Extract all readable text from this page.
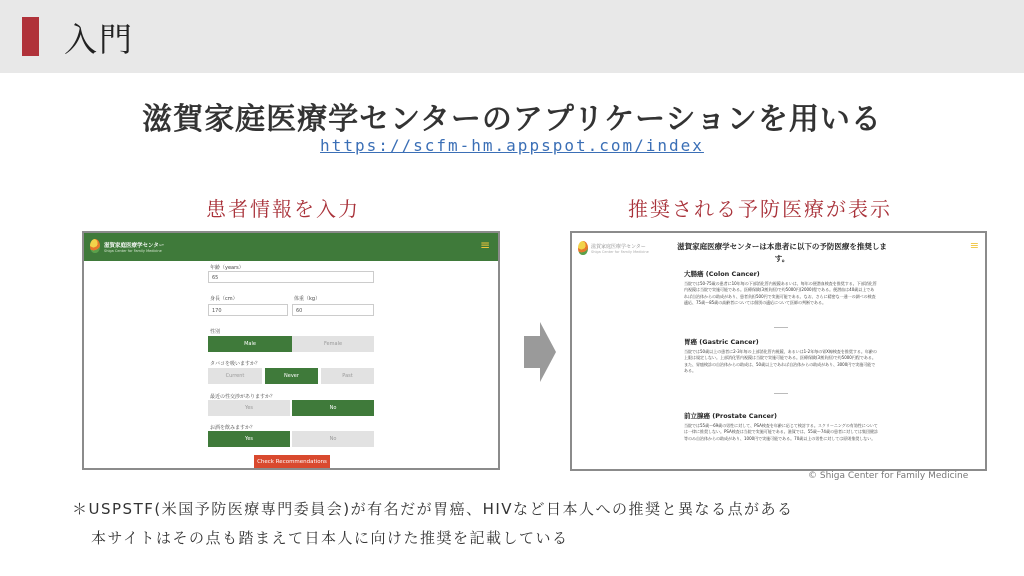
入門
滋賀家庭医療学センターのアプリケーションを用いる
https://scfm-hm.appspot.com/index
患者情報を入力	推奨される予防医療が表示
滋賀家庭医療学センター
Shiga Center for Family Medicine	≡
年齢（years）
65
身長（cm）
170
体重（kg）
60
性別
Male	Female
タバコを吸いますか？
Current	Never	Past
最近の性交渉がありますか？
Yes	No
お酒を飲みますか？
Yes	No
Check Recommendations
滋賀家庭医療学センター
Shiga Center for Family Medicine	≡
滋賀家庭医療学センターは本患者に以下の予防医療を推奨します。
大腸癌 (Colon Cancer)
当院では50-75歳の患者に10年毎の下部消化管内視鏡あるいは、毎年の便潜血検査を推奨する。下部消化管内視鏡は当院で実施可能である。医療保険(3割負担)で約5000円(2000)程である。便潜血は40歳以上であれば自治体からの助成があり、患者負担500円で実施可能である。なお、さらに精密な一通一の調べの検査適応、75歳～85歳の高齢者については個別の適応について医師の判断である。
胃癌 (Gastric Cancer)
当院では50歳以上の患者に2-3年毎の上部消化管内視鏡、あるいは1-2年毎の胃X線検査を推奨する。年齢の上限は規定しない。上部消化管内視鏡は当院で実施可能である。医療保険(3割負担)で約5000円程である。また、胃癌検診の自治体からの助成は、50歳以上であれば自治体からの助成があり、3000円で実施可能である。
前立腺癌 (Prostate Cancer)
当院では55歳～69歳の男性に対して、PSA検査を年齢に応じて検討する。スクリーニングの有効性については一律に推奨しない。PSA検査は当院で実施可能である。滋賀では、55歳～74歳の患者に対しては集団健診等のみ自治体からの助成があり、1000円で実施可能である。70歳以上の男性に対しては原則推奨しない。
© Shiga Center for Family Medicine
＊USPSTF(米国予防医療専門委員会)が有名だが胃癌、HIVなど日本人への推奨と異なる点がある
本サイトはその点も踏まえて日本人に向けた推奨を記載している
